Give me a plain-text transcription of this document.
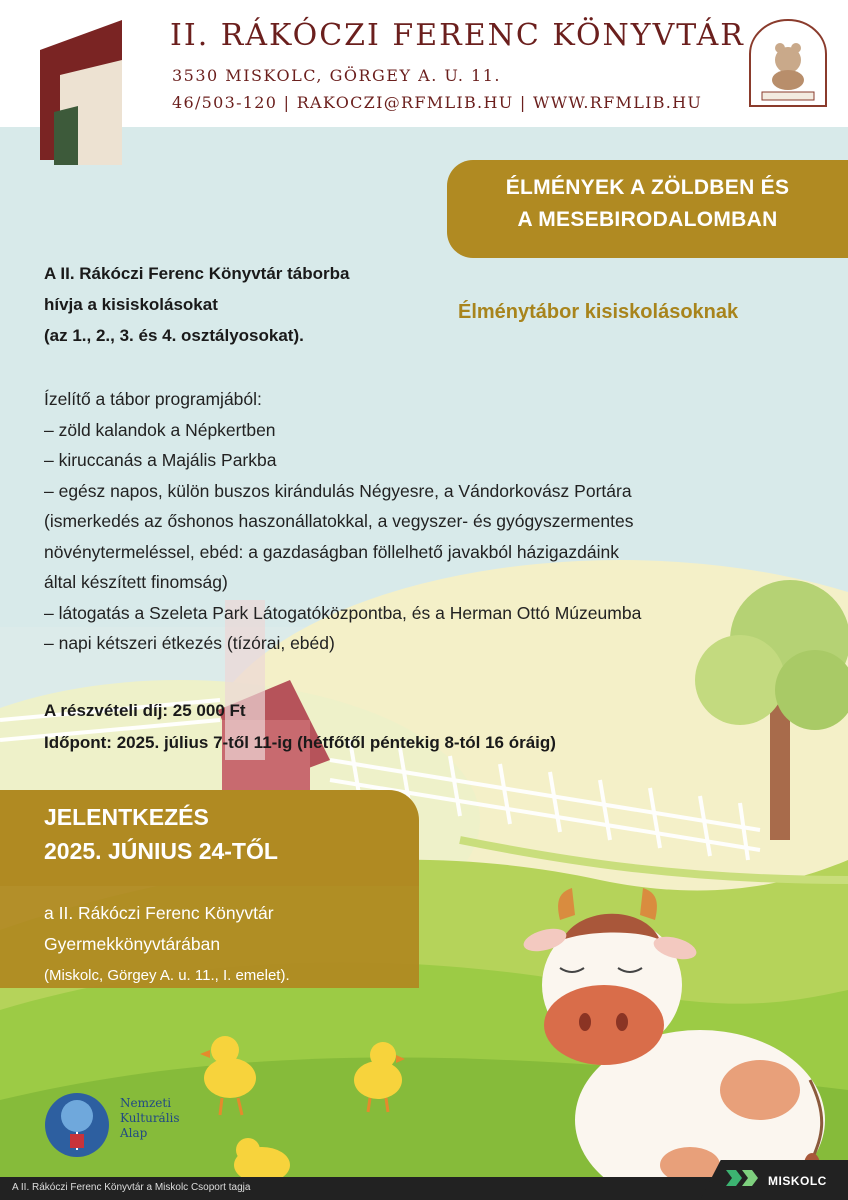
II. RÁKÓCZI FERENC KÖNYVTÁR
3530 MISKOLC, GÖRGEY A. U. 11.
46/503-120 | RAKOCZI@RFMLIB.HU | WWW.RFMLIB.HU
ÉLMÉNYEK A ZÖLDBEN ÉS
A MESEBIRODALOMBAN
Élménytábor kisiskolásoknak
A II. Rákóczi Ferenc Könyvtár táborba
hívja a kisiskolásokat
(az 1., 2., 3. és 4. osztályosokat).
Ízelítő a tábor programjából:
– zöld kalandok a Népkertben
– kiruccanás a Majális Parkba
– egész napos, külön buszos kirándulás Négyesre, a Vándorkovász Portára
(ismerkedés az őshonos haszonállatokkal, a vegyszer- és gyógyszermentes
növénytermeléssel, ebéd: a gazdaságban föllelhető javakból házigazdáink
által készített finomság)
– látogatás a Szeleta Park Látogatóközpontba, és a Herman Ottó Múzeumba
– napi kétszeri étkezés (tízórai, ebéd)
A részvételi díj: 25 000 Ft
Időpont: 2025. július 7-től 11-ig (hétfőtől péntekig 8-tól 16 óráig)
JELENTKEZÉS
2025. JÚNIUS 24-TŐL
a II. Rákóczi Ferenc Könyvtár
Gyermekkönyvtárában
(Miskolc, Görgey A. u. 11., I. emelet).
Nemzeti
Kulturális
Alap
A II. Rákóczi Ferenc Könyvtár a Miskolc Csoport tagja	MISKOLC
